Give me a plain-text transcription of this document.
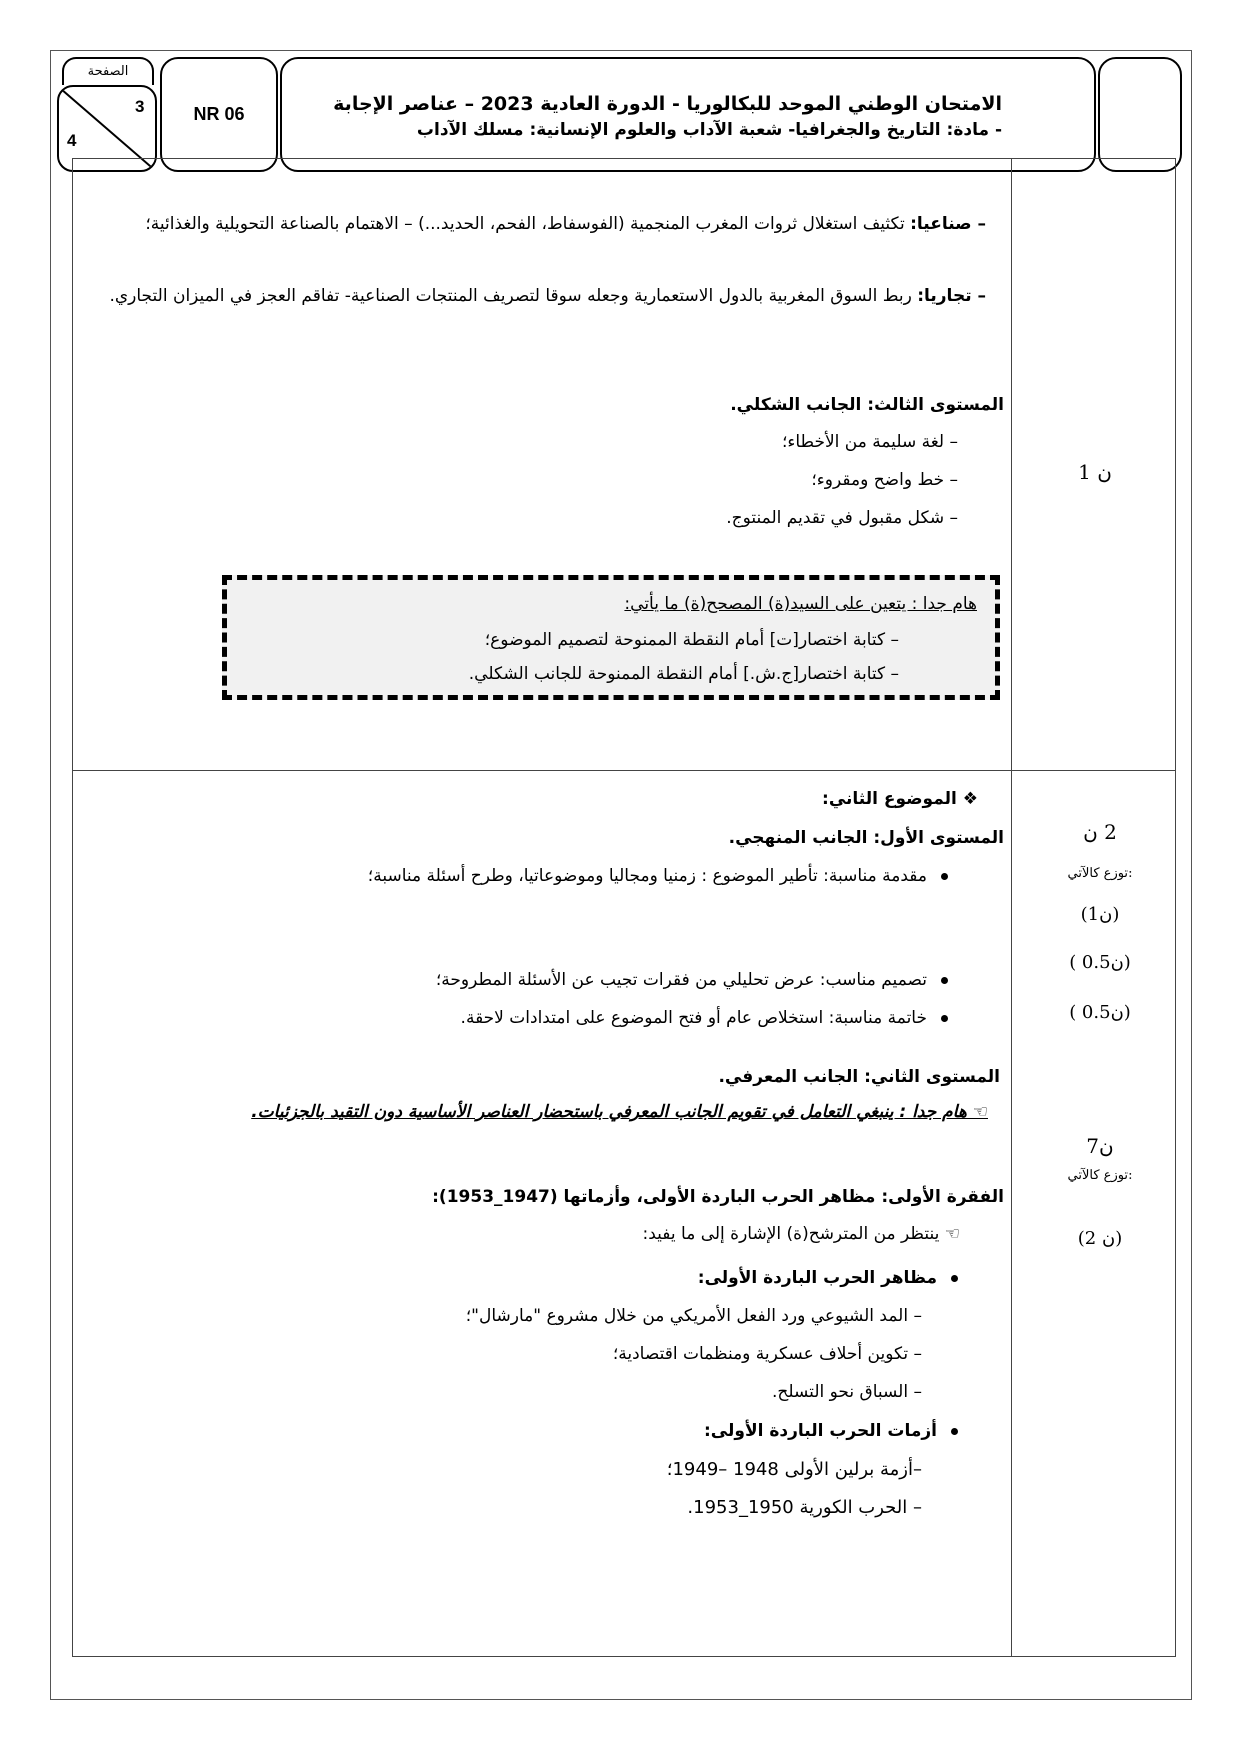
الامتحان الوطني الموحد للبكالوريا - الدورة العادية 2023 – عناصر الإجابة
- مادة: التاريخ والجغرافيا- شعبة الآداب والعلوم الإنسانية: مسلك الآداب
NR 06
الصفحة
3
4
– صناعيا: تكثيف استغلال ثروات المغرب المنجمية (الفوسفاط، الفحم، الحديد...) – الاهتمام بالصناعة التحويلية والغذائية؛
– تجاريا: ربط السوق المغربية بالدول الاستعمارية وجعله سوقا لتصريف المنتجات الصناعية- تفاقم العجز في الميزان التجاري.
المستوى الثالث: الجانب الشكلي.
– لغة سليمة من الأخطاء؛
– خط واضح ومقروء؛
– شكل مقبول في تقديم المنتوج.
1 ن
هام جدا : يتعين على السيد(ة) المصحح(ة) ما يأتي:
– كتابة اختصار[ت] أمام النقطة الممنوحة لتصميم الموضوع؛
– كتابة اختصار[ج.ش.] أمام النقطة الممنوحة للجانب الشكلي.
❖ الموضوع الثاني:
المستوى الأول: الجانب المنهجي.
مقدمة مناسبة: تأطير الموضوع : زمنيا ومجاليا وموضوعاتيا، وطرح أسئلة مناسبة؛
تصميم مناسب: عرض تحليلي من فقرات تجيب عن الأسئلة المطروحة؛
خاتمة مناسبة: استخلاص عام أو فتح الموضوع على امتدادات لاحقة.
المستوى الثاني: الجانب المعرفي.
☜ هام جدا : ينبغي التعامل في تقويم الجانب المعرفي باستحضار العناصر الأساسية دون التقيد بالجزئيات.
الفقرة الأولى: مظاهر الحرب الباردة الأولى، وأزماتها (1947_1953):
☜ ينتظر من المترشح(ة) الإشارة إلى ما يفيد:
مظاهر الحرب الباردة الأولى:
– المد الشيوعي ورد الفعل الأمريكي من خلال مشروع "مارشال"؛
– تكوين أحلاف عسكرية ومنظمات اقتصادية؛
– السباق نحو التسلح.
أزمات الحرب الباردة الأولى:
–أزمة برلين الأولى 1948 –1949؛
– الحرب الكورية 1950_1953.
2 ن
توزع كالآتي:
(1ن)
( 0.5ن)
( 0.5ن)
7ن
توزع كالآتي:
(2 ن)
